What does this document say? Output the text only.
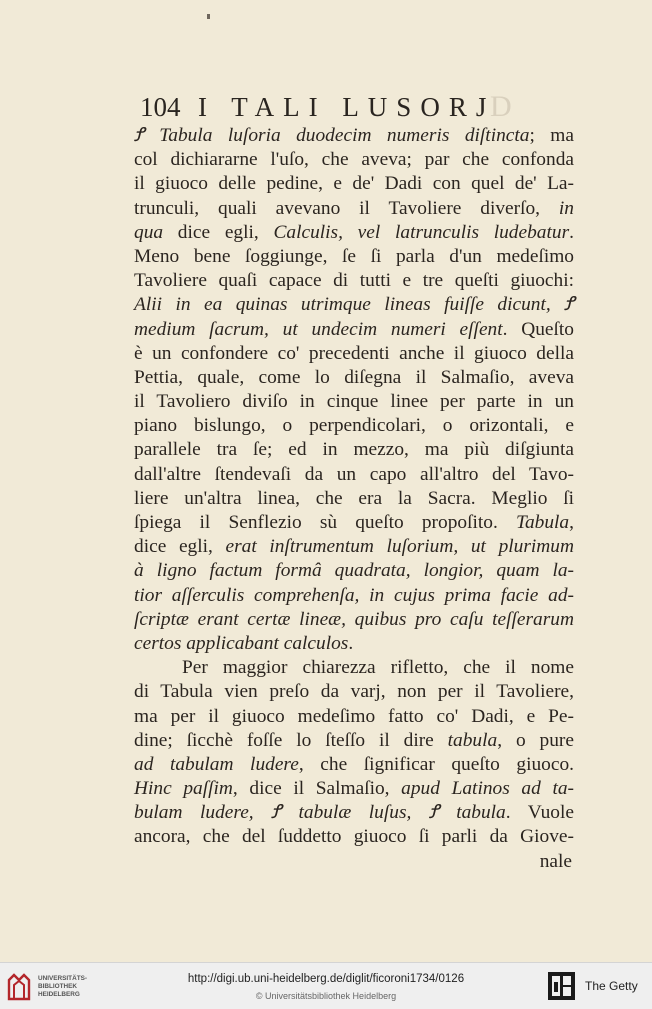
D
104 I TALI LUSORJ
Ꝭ Tabula luſoria duodecim numeris diſtincta; ma
col dichiararne l'uſo, che aveva; par che confonda
il giuoco delle pedine, e de' Dadi con quel de' La-
trunculi, quali avevano il Tavoliere diverſo, in
qua dice egli, Calculis, vel latrunculis ludebatur.
Meno bene ſoggiunge, ſe ſi parla d'un medeſimo
Tavoliere quaſi capace di tutti e tre queſti giuochi:
Alii in ea quinas utrimque lineas fuiſſe dicunt, Ꝭ
medium ſacrum, ut undecim numeri eſſent. Queſto
è un confondere co' precedenti anche il giuoco della
Pettia, quale, come lo diſegna il Salmaſio, aveva
il Tavoliero diviſo in cinque linee per parte in un
piano bislungo, o perpendicolari, o orizontali, e
parallele tra ſe; ed in mezzo, ma più diſgiunta
dall'altre ſtendevaſi da un capo all'altro del Tavo-
liere un'altra linea, che era la Sacra. Meglio ſi
ſpiega il Senflezio sù queſto propoſito. Tabula,
dice egli, erat inſtrumentum luſorium, ut plurimum
à ligno factum formâ quadrata, longior, quam la-
tior aſſerculis comprehenſa, in cujus prima facie ad-
ſcriptæ erant certæ lineæ, quibus pro caſu teſſerarum
certos applicabant calculos.
Per maggior chiarezza rifletto, che il nome
di Tabula vien preſo da varj, non per il Tavoliere,
ma per il giuoco medeſimo fatto co' Dadi, e Pe-
dine; ſicchè foſſe lo ſteſſo il dire tabula, o pure
ad tabulam ludere, che ſignificar queſto giuoco.
Hinc paſſim, dice il Salmaſio, apud Latinos ad ta-
bulam ludere, Ꝭ tabulæ luſus, Ꝭ tabula. Vuole
ancora, che del ſuddetto giuoco ſi parli da Giove-
nale
UNIVERSITÄTS-
BIBLIOTHEK
HEIDELBERG
http://digi.ub.uni-heidelberg.de/diglit/ficoroni1734/0126
© Universitätsbibliothek Heidelberg
The Getty
